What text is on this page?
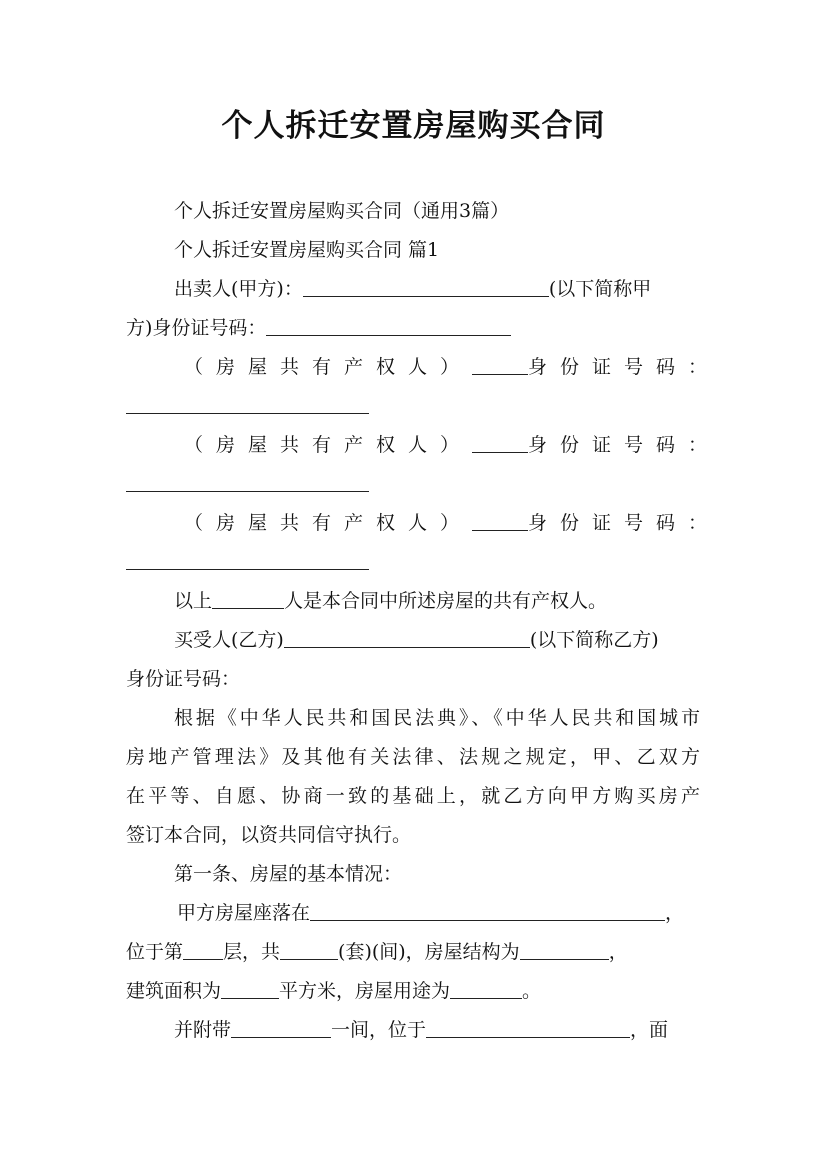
个人拆迁安置房屋购买合同
个人拆迁安置房屋购买合同（通用3篇）
个人拆迁安置房屋购买合同 篇1
出卖人(甲方)：	(以下简称甲
方)身份证号码：
（房屋共有产权人）	身份证号码：
（房屋共有产权人）	身份证号码：
（房屋共有产权人）	身份证号码：
以上	人是本合同中所述房屋的共有产权人。
买受人(乙方)	(以下简称乙方)
身份证号码：
根据《中华人民共和国民法典》、《中华人民共和国城市
房地产管理法》及其他有关法律、法规之规定，甲、乙双方
在平等、自愿、协商一致的基础上，就乙方向甲方购买房产
签订本合同，以资共同信守执行。
第一条、房屋的基本情况：
甲方房屋座落在	，
位于第 层，共	(套)(间)，房屋结构为	，
建筑面积为	平方米，房屋用途为	。
并附带	一间，位于	，面
